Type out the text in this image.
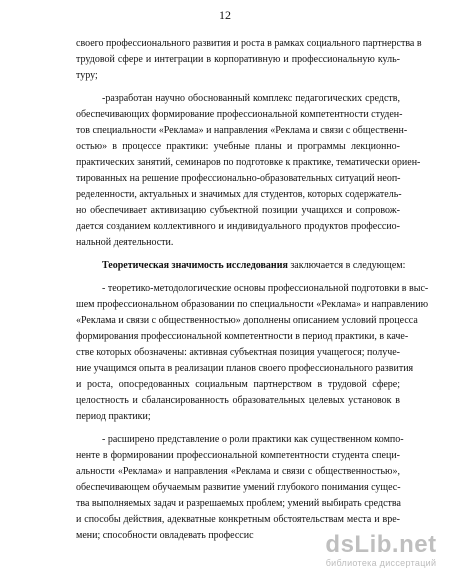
12
своего профессионального развития и роста в рамках социального партнерства в
трудовой сфере и интеграции в корпоративную и профессиональную куль-
туру;
-разработан научно обоснованный комплекс педагогических средств,
обеспечивающих формирование профессиональной компетентности студен-
тов специальности «Реклама» и направления «Реклама и связи с общественн-
остью» в процессе практики: учебные планы и программы лекционно-
практических занятий, семинаров по подготовке к практике, тематически ориен-
тированных на решение профессионально-образовательных ситуаций неоп-
ределенности, актуальных и значимых для студентов, которых содержатель-
но обеспечивает активизацию субъектной позиции учащихся и сопровож-
дается созданием коллективного и индивидуального продуктов профессио-
нальной деятельности.
Теоретическая значимость исследования заключается в следующем:
- теоретико-методологические основы профессиональной подготовки в выс-
шем профессиональном образовании по специальности «Реклама» и направлению
«Реклама и связи с общественностью» дополнены описанием условий процесса
формирования профессиональной компетентности в период практики, в каче-
стве которых обозначены: активная субъектная позиция учащегося; получе-
ние учащимся опыта в реализации планов своего профессионального развития
и роста, опосредованных социальным партнерством в трудовой сфере;
целостность и сбалансированность образовательных целевых установок в
период практики;
- расширено представление о роли практики как существенном компо-
ненте в формировании профессиональной компетентности студента специ-
альности «Реклама» и направления «Реклама и связи с общественностью»,
обеспечивающем обучаемым развитие умений глубокого понимания сущес-
тва выполняемых задач и разрешаемых проблем; умений выбирать средства
и способы действия, адекватные конкретным обстоятельствам места и вре-
мени; способности овладевать профессис	dsLib.net
библиотека диссертаций
